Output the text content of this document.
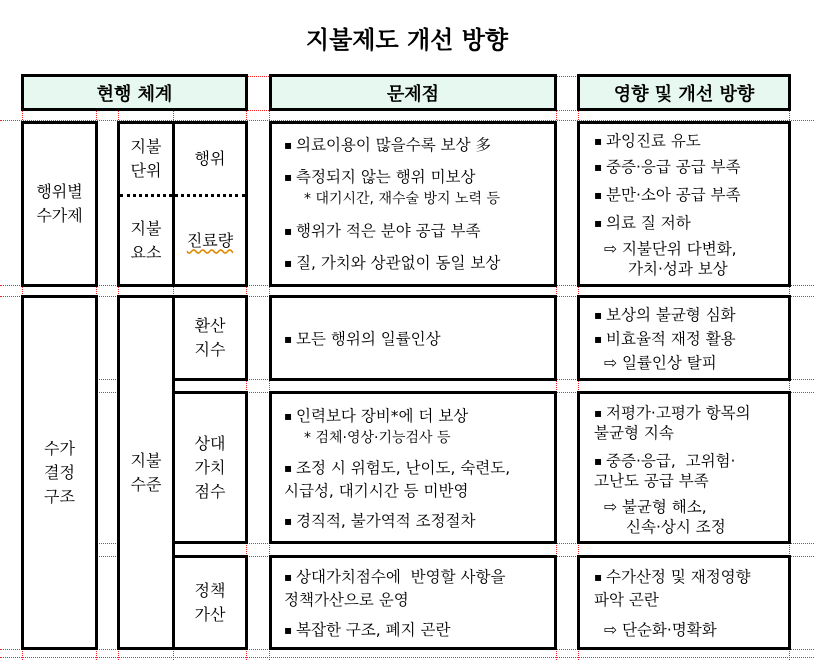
지불제도 개선 방향
현행 체계	문제점	영향 및 개선 방향
행위별
수가제
지불
단위
행위
지불
요소
진료량
▪ 의료이용이 많을수록 보상 多
▪ 측정되지 않는 행위 미보상
* 대기시간, 재수술 방지 노력 등
▪ 행위가 적은 분야 공급 부족
▪ 질, 가치와 상관없이 동일 보상
▪ 과잉진료 유도
▪ 중증·응급 공급 부족
▪ 분만·소아 공급 부족
▪ 의료 질 저하
⇨ 지불단위 다변화,
가치·성과 보상
수가
결정
구조
지불
수준
환산
지수
▪ 모든 행위의 일률인상
▪ 보상의 불균형 심화
▪ 비효율적 재정 활용
⇨ 일률인상 탈피
상대
가치
점수
▪ 인력보다 장비*에 더 보상
* 검체·영상·기능검사 등
▪ 조정 시 위험도, 난이도, 숙련도,
시급성, 대기시간 등 미반영
▪ 경직적, 불가역적 조정절차
▪ 저평가·고평가 항목의
불균형 지속
▪ 중증·응급,  고위험·
고난도 공급 부족
⇨ 불균형 해소,
신속·상시 조정
정책
가산
▪ 상대가치점수에  반영할 사항을
정책가산으로 운영
▪ 복잡한 구조, 폐지 곤란
▪ 수가산정 및 재정영향
파악 곤란
⇨ 단순화·명확화
